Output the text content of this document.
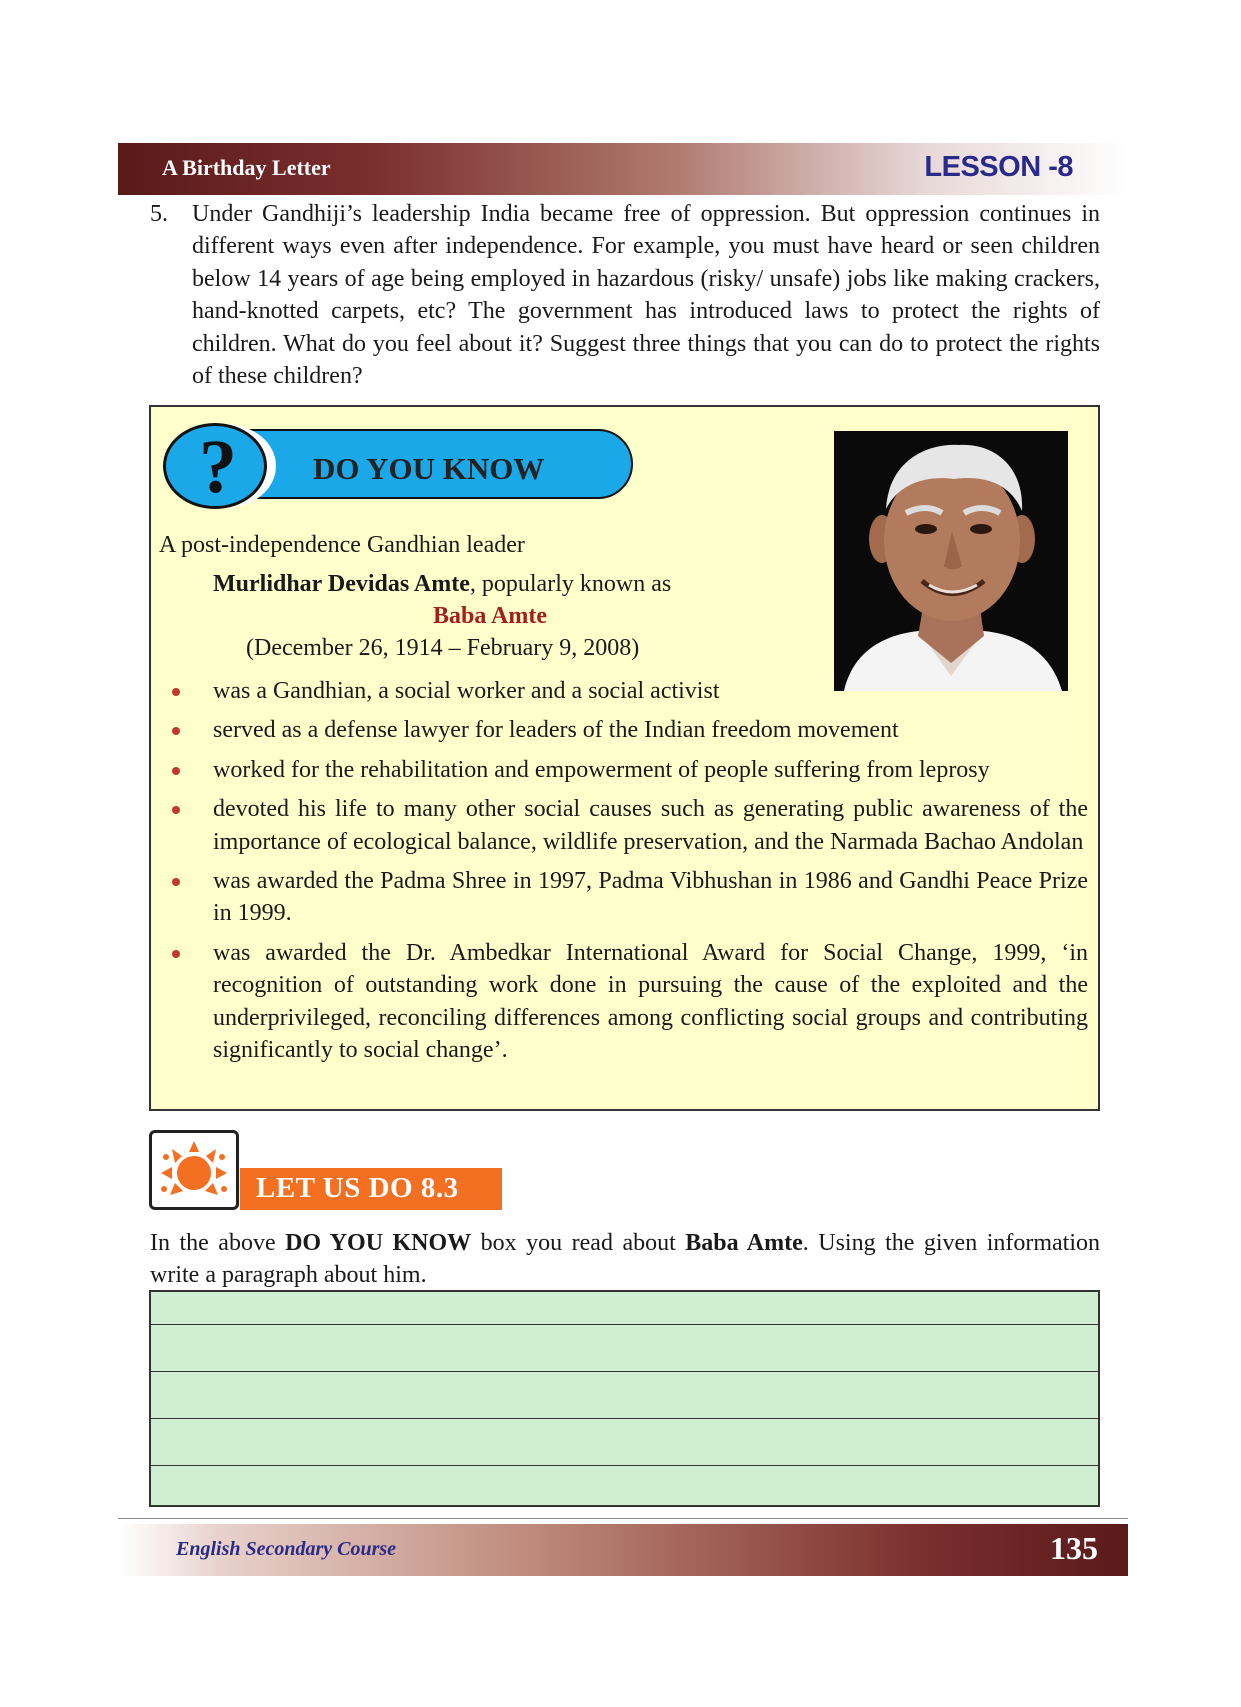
A Birthday Letter	LESSON -8
5. Under Gandhiji’s leadership India became free of oppression. But oppression continues in different ways even after independence. For example, you must have heard or seen children below 14 years of age being employed in hazardous (risky/ unsafe) jobs like making crackers, hand-knotted carpets, etc? The government has introduced laws to protect the rights of children. What do you feel about it? Suggest three things that you can do to protect the rights of these children?
?	DO YOU KNOW
A post-independence Gandhian leader
Murlidhar Devidas Amte, popularly known as
Baba Amte
(December 26, 1914 – February 9, 2008)
was a Gandhian, a social worker and a social activist
served as a defense lawyer for leaders of the Indian freedom movement
worked for the rehabilitation and empowerment of people suffering from leprosy
devoted his life to many other social causes such as generating public awareness of the importance of ecological balance, wildlife preservation, and the Narmada Bachao Andolan
was awarded the Padma Shree in 1997, Padma Vibhushan in 1986 and Gandhi Peace Prize in 1999.
was awarded the Dr. Ambedkar International Award for Social Change, 1999, ‘in recognition of outstanding work done in pursuing the cause of the exploited and the underprivileged, reconciling differences among conflicting social groups and contributing significantly to social change’.
LET US DO 8.3
In the above DO YOU KNOW box you read about Baba Amte. Using the given information write a paragraph about him.
English Secondary Course	135
